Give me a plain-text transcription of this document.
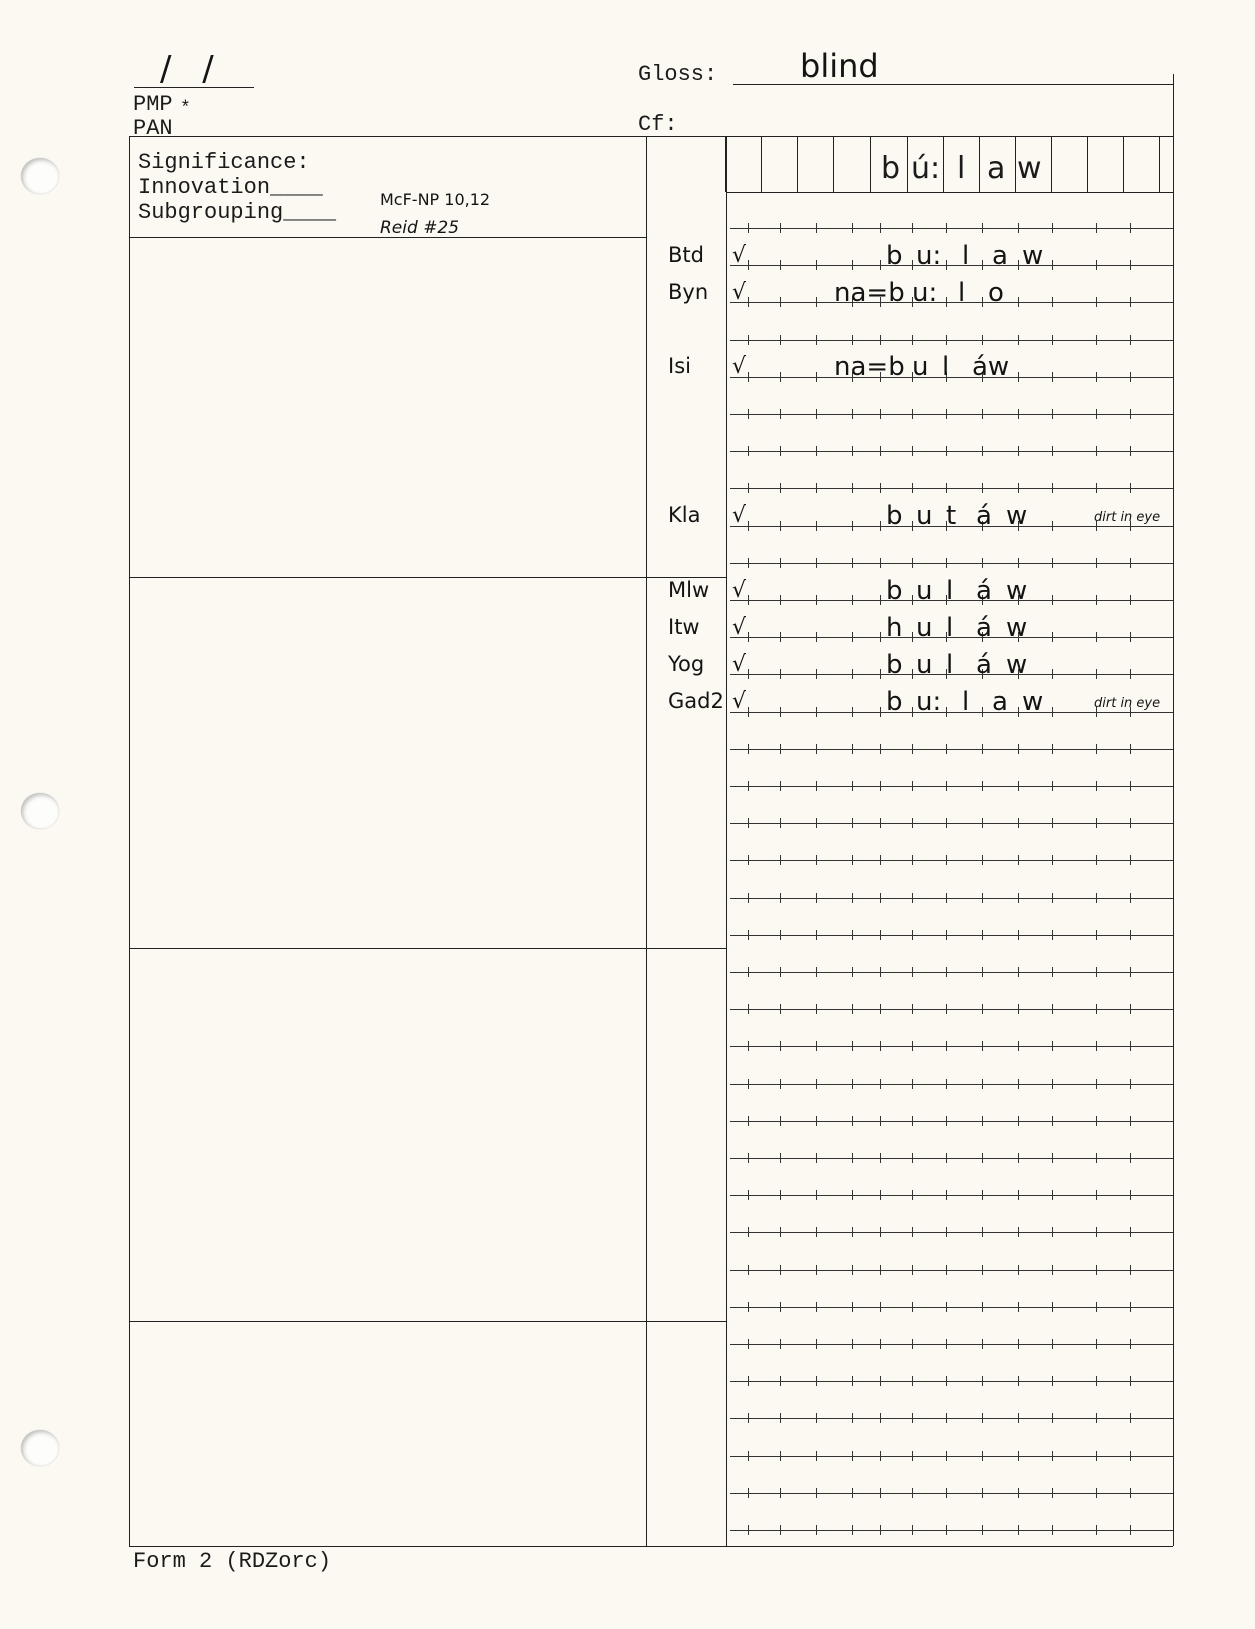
/ /
PMP *
PAN
Gloss:	blind
Cf:
Significance:
Innovation____
Subgrouping____
McF-NP 10,12
Reid #25
b ú: l a w
Btd √	b u: l a w
Byn √	na=b u: l o
Isi √	na=b u l áw
Kla √	b u t á w	dirt in eye
Mlw √	b u l á w
Itw √	h u l á w
Yog √	b u l á w
Gad2 √	b u: l a w	dirt in eye
Form 2 (RDZorc)
